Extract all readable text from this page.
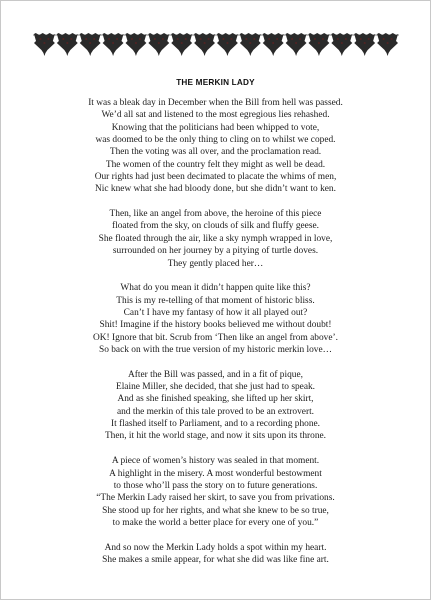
THE MERKIN LADY
It was a bleak day in December when the Bill from hell was passed.
We’d all sat and listened to the most egregious lies rehashed.
Knowing that the politicians had been whipped to vote,
was doomed to be the only thing to cling on to whilst we coped.
Then the voting was all over, and the proclamation read.
The women of the country felt they might as well be dead.
Our rights had just been decimated to placate the whims of men,
Nic knew what she had bloody done, but she didn’t want to ken.
Then, like an angel from above, the heroine of this piece
floated from the sky, on clouds of silk and fluffy geese.
She floated through the air, like a sky nymph wrapped in love,
surrounded on her journey by a pitying of turtle doves.
They gently placed her…
What do you mean it didn’t happen quite like this?
This is my re-telling of that moment of historic bliss.
Can’t I have my fantasy of how it all played out?
Shit! Imagine if the history books believed me without doubt!
OK! Ignore that bit. Scrub from ‘Then like an angel from above’.
So back on with the true version of my historic merkin love…
After the Bill was passed, and in a fit of pique,
Elaine Miller, she decided, that she just had to speak.
And as she finished speaking, she lifted up her skirt,
and the merkin of this tale proved to be an extrovert.
It flashed itself to Parliament, and to a recording phone.
Then, it hit the world stage, and now it sits upon its throne.
A piece of women’s history was sealed in that moment.
A highlight in the misery. A most wonderful bestowment
to those who’ll pass the story on to future generations.
“The Merkin Lady raised her skirt, to save you from privations.
She stood up for her rights, and what she knew to be so true,
to make the world a better place for every one of you.”
And so now the Merkin Lady holds a spot within my heart.
She makes a smile appear, for what she did was like fine art.
